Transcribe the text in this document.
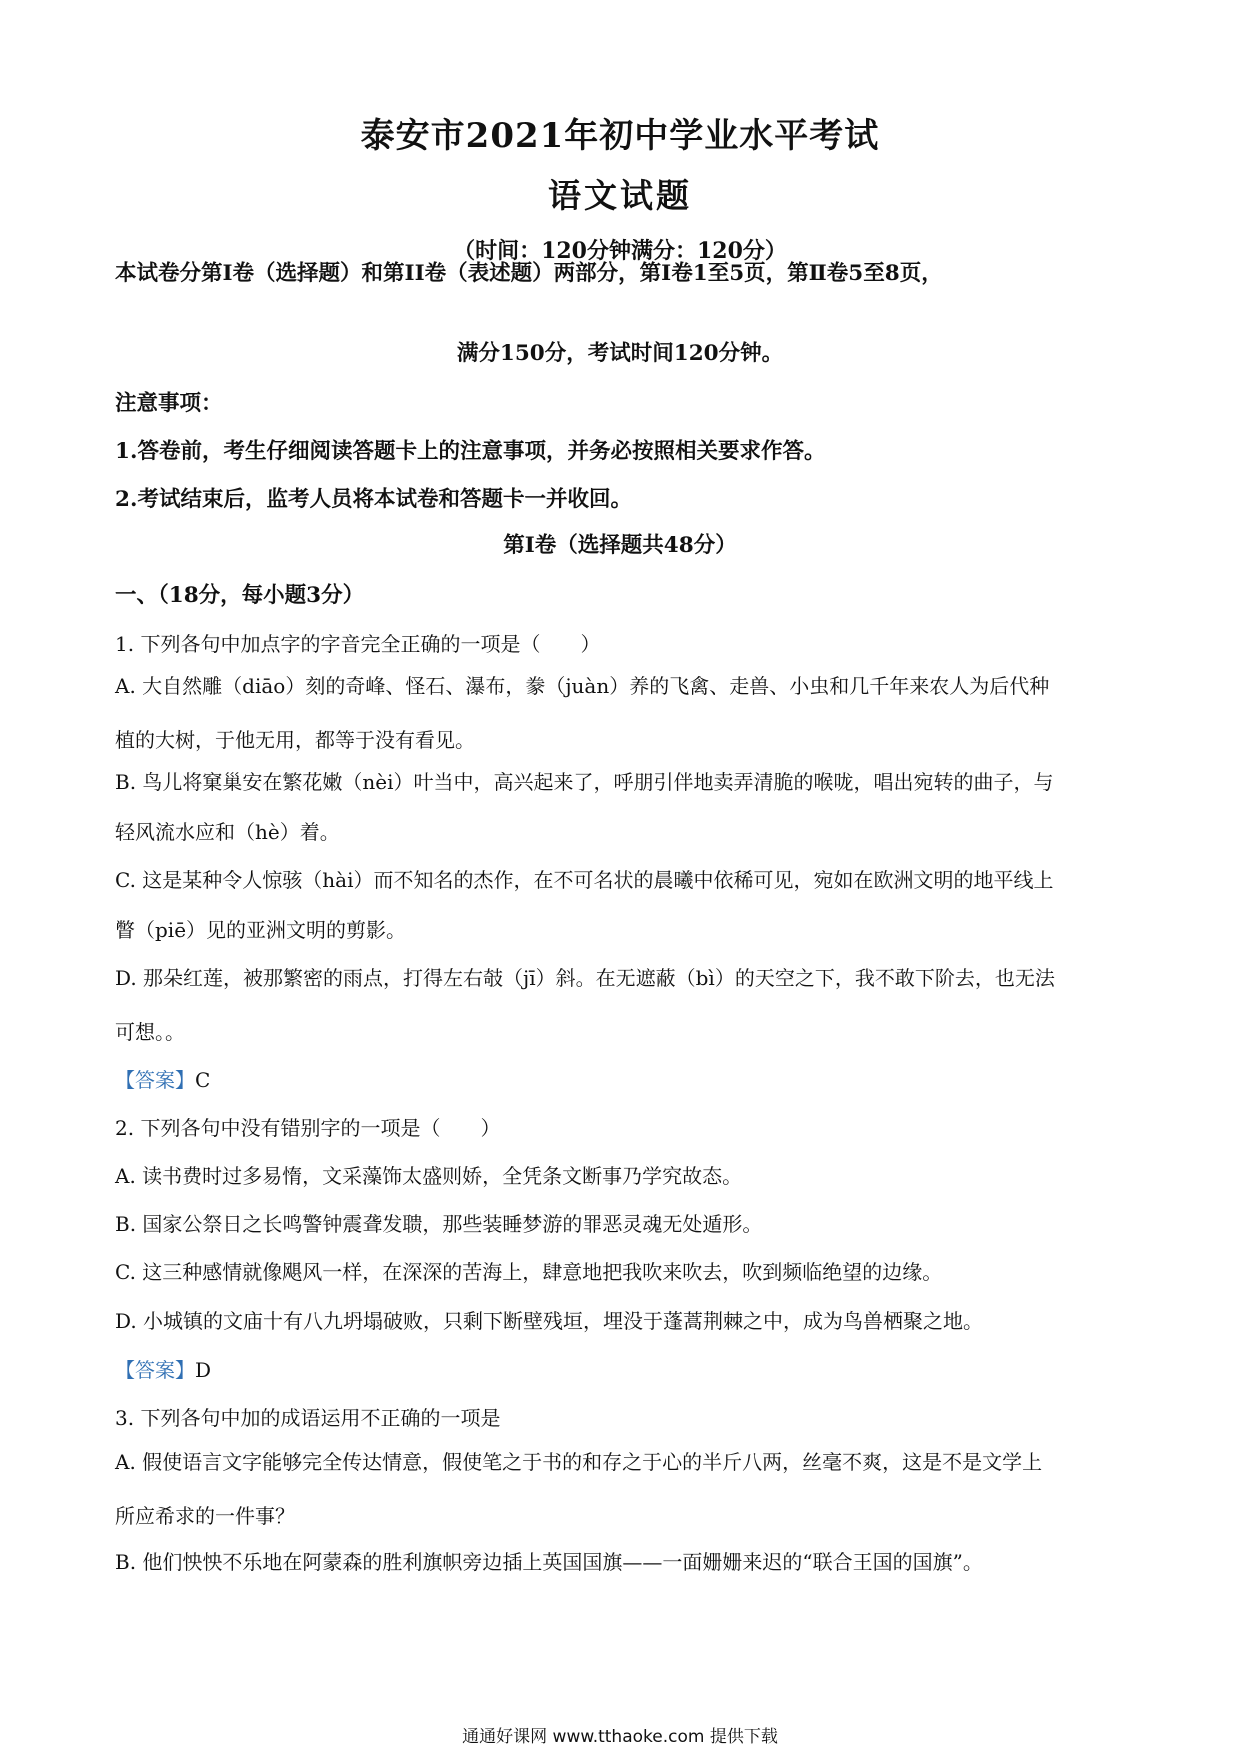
泰安市2021年初中学业水平考试
语文试题
（时间：120分钟满分：120分）
本试卷分第I卷（选择题）和第II卷（表述题）两部分，第I卷1至5页，第Ⅱ卷5至8页，
满分150分，考试时间120分钟。
注意事项：
1.答卷前，考生仔细阅读答题卡上的注意事项，并务必按照相关要求作答。
2.考试结束后，监考人员将本试卷和答题卡一并收回。
第I卷（选择题共48分）
一、（18分，每小题3分）
1. 下列各句中加点字的字音完全正确的一项是（　　）
A. 大自然雕（diāo）刻的奇峰、怪石、瀑布，豢（juàn）养的飞禽、走兽、小虫和几千年来农人为后代种
植的大树，于他无用，都等于没有看见。
B. 鸟儿将窠巢安在繁花嫩（nèi）叶当中，高兴起来了，呼朋引伴地卖弄清脆的喉咙，唱出宛转的曲子，与
轻风流水应和（hè）着。
C. 这是某种令人惊骇（hài）而不知名的杰作，在不可名状的晨曦中依稀可见，宛如在欧洲文明的地平线上
瞥（piē）见的亚洲文明的剪影。
D. 那朵红莲，被那繁密的雨点，打得左右攲（jī）斜。在无遮蔽（bì）的天空之下，我不敢下阶去，也无法
可想。。
【答案】C
2. 下列各句中没有错别字的一项是（　　）
A. 读书费时过多易惰，文采藻饰太盛则娇，全凭条文断事乃学究故态。
B. 国家公祭日之长鸣警钟震聋发聩，那些装睡梦游的罪恶灵魂无处遁形。
C. 这三种感情就像飓风一样，在深深的苦海上，肆意地把我吹来吹去，吹到频临绝望的边缘。
D. 小城镇的文庙十有八九坍塌破败，只剩下断壁残垣，埋没于蓬蒿荆棘之中，成为鸟兽栖聚之地。
【答案】D
3. 下列各句中加的成语运用不正确的一项是
A. 假使语言文字能够完全传达情意，假使笔之于书的和存之于心的半斤八两，丝毫不爽，这是不是文学上
所应希求的一件事？
B. 他们怏怏不乐地在阿蒙森的胜利旗帜旁边插上英国国旗——一面姗姗来迟的“联合王国的国旗”。
通通好课网 www.tthaoke.com 提供下载
